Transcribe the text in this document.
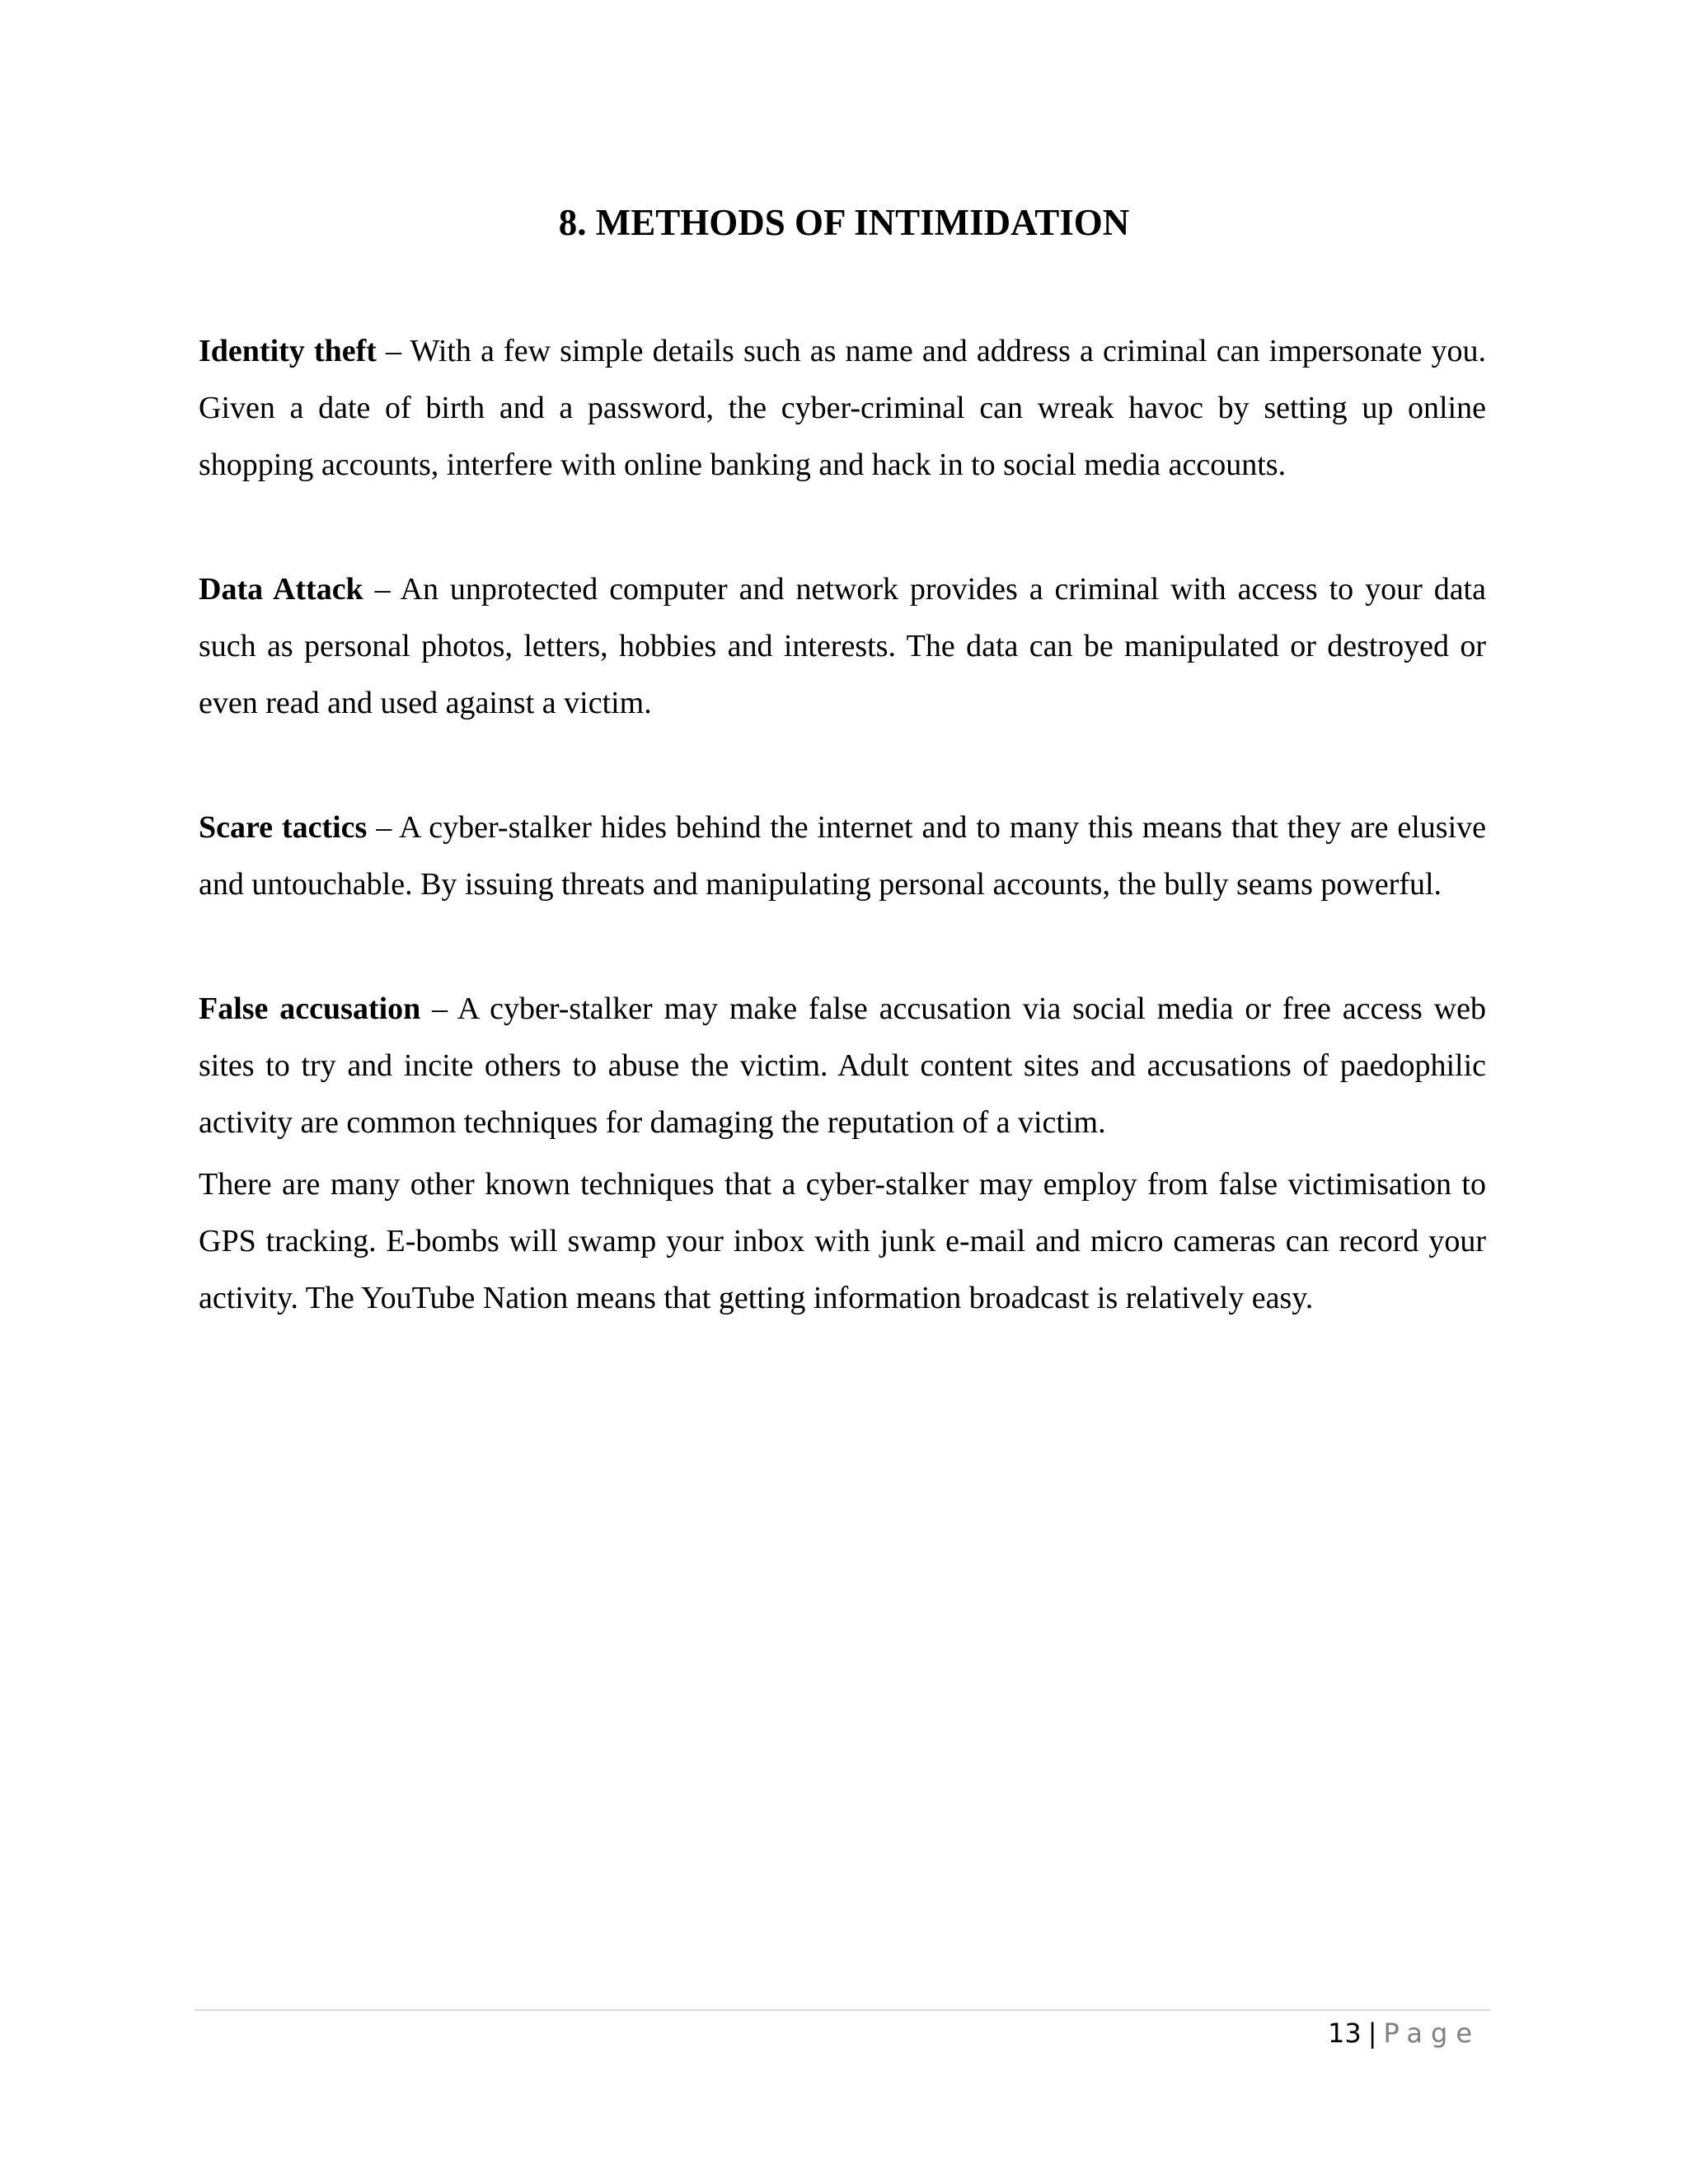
8. METHODS OF INTIMIDATION

Identity theft – With a few simple details such as name and address a criminal can impersonate you. Given a date of birth and a password, the cyber-criminal can wreak havoc by setting up online shopping accounts, interfere with online banking and hack in to social media accounts.

Data Attack – An unprotected computer and network provides a criminal with access to your data such as personal photos, letters, hobbies and interests. The data can be manipulated or destroyed or even read and used against a victim.

Scare tactics – A cyber-stalker hides behind the internet and to many this means that they are elusive and untouchable. By issuing threats and manipulating personal accounts, the bully seams powerful.

False accusation – A cyber-stalker may make false accusation via social media or free access web sites to try and incite others to abuse the victim. Adult content sites and accusations of paedophilic activity are common techniques for damaging the reputation of a victim.

There are many other known techniques that a cyber-stalker may employ from false victimisation to GPS tracking. E-bombs will swamp your inbox with junk e-mail and micro cameras can record your activity. The YouTube Nation means that getting information broadcast is relatively easy.

13 | Page
